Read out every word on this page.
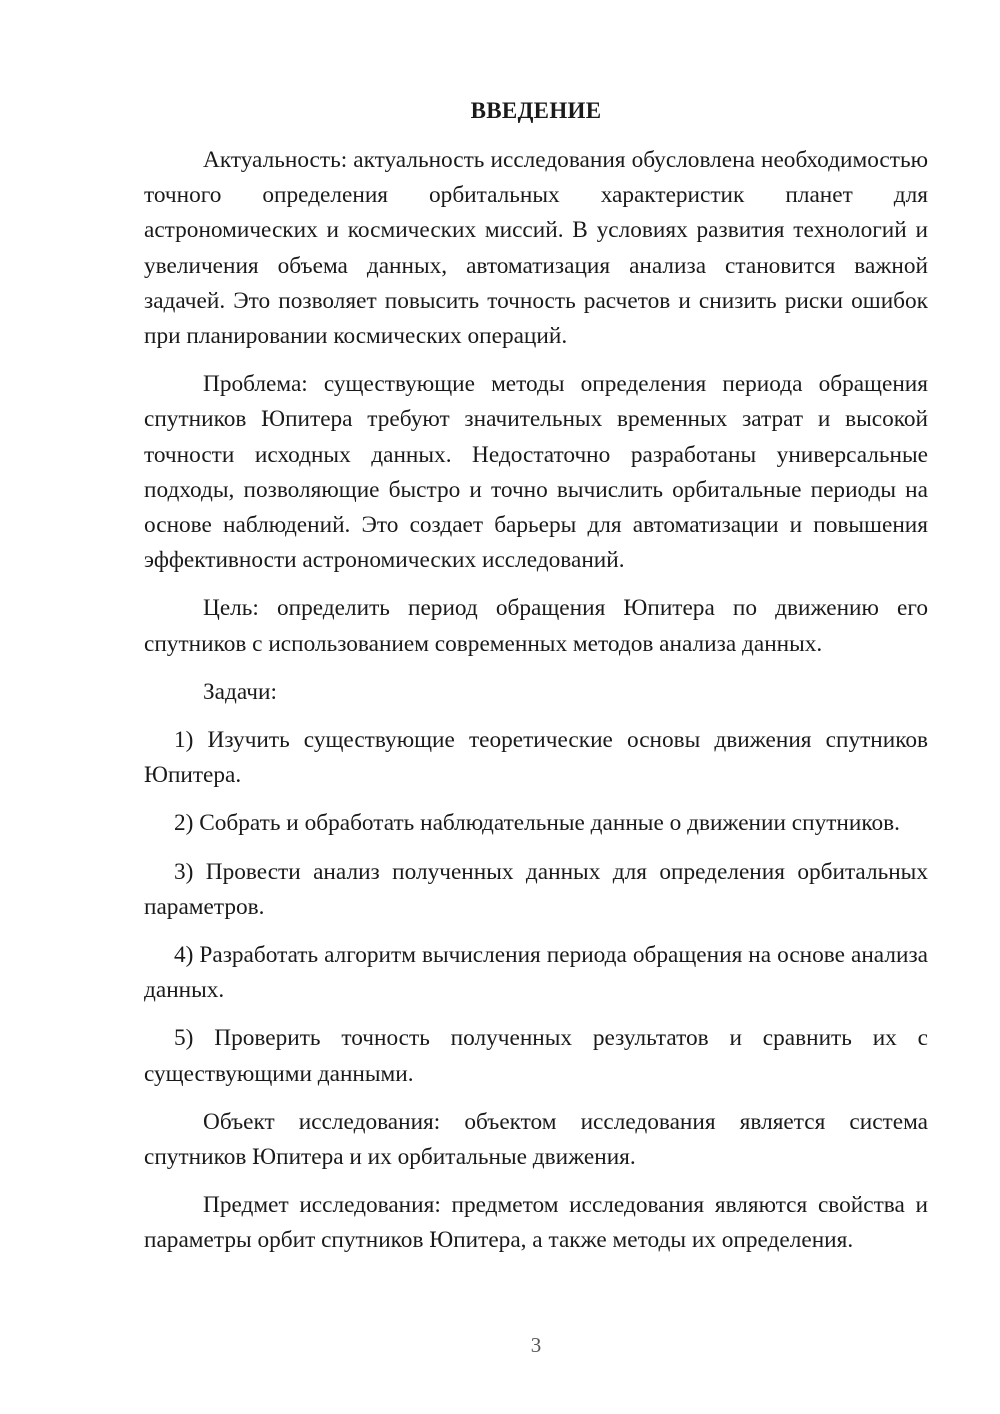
ВВЕДЕНИЕ

Актуальность: актуальность исследования обусловлена необходимостью точного определения орбитальных характеристик планет для астрономических и космических миссий. В условиях развития технологий и увеличения объема данных, автоматизация анализа становится важной задачей. Это позволяет повысить точность расчетов и снизить риски ошибок при планировании космических операций.

Проблема: существующие методы определения периода обращения спутников Юпитера требуют значительных временных затрат и высокой точности исходных данных. Недостаточно разработаны универсальные подходы, позволяющие быстро и точно вычислить орбитальные периоды на основе наблюдений. Это создает барьеры для автоматизации и повышения эффективности астрономических исследований.

Цель: определить период обращения Юпитера по движению его спутников с использованием современных методов анализа данных.

Задачи:

1) Изучить существующие теоретические основы движения спутников Юпитера.

2) Собрать и обработать наблюдательные данные о движении спутников.

3) Провести анализ полученных данных для определения орбитальных параметров.

4) Разработать алгоритм вычисления периода обращения на основе анализа данных.

5) Проверить точность полученных результатов и сравнить их с существующими данными.

Объект исследования: объектом исследования является система спутников Юпитера и их орбитальные движения.

Предмет исследования: предметом исследования являются свойства и параметры орбит спутников Юпитера, а также методы их определения.

3
